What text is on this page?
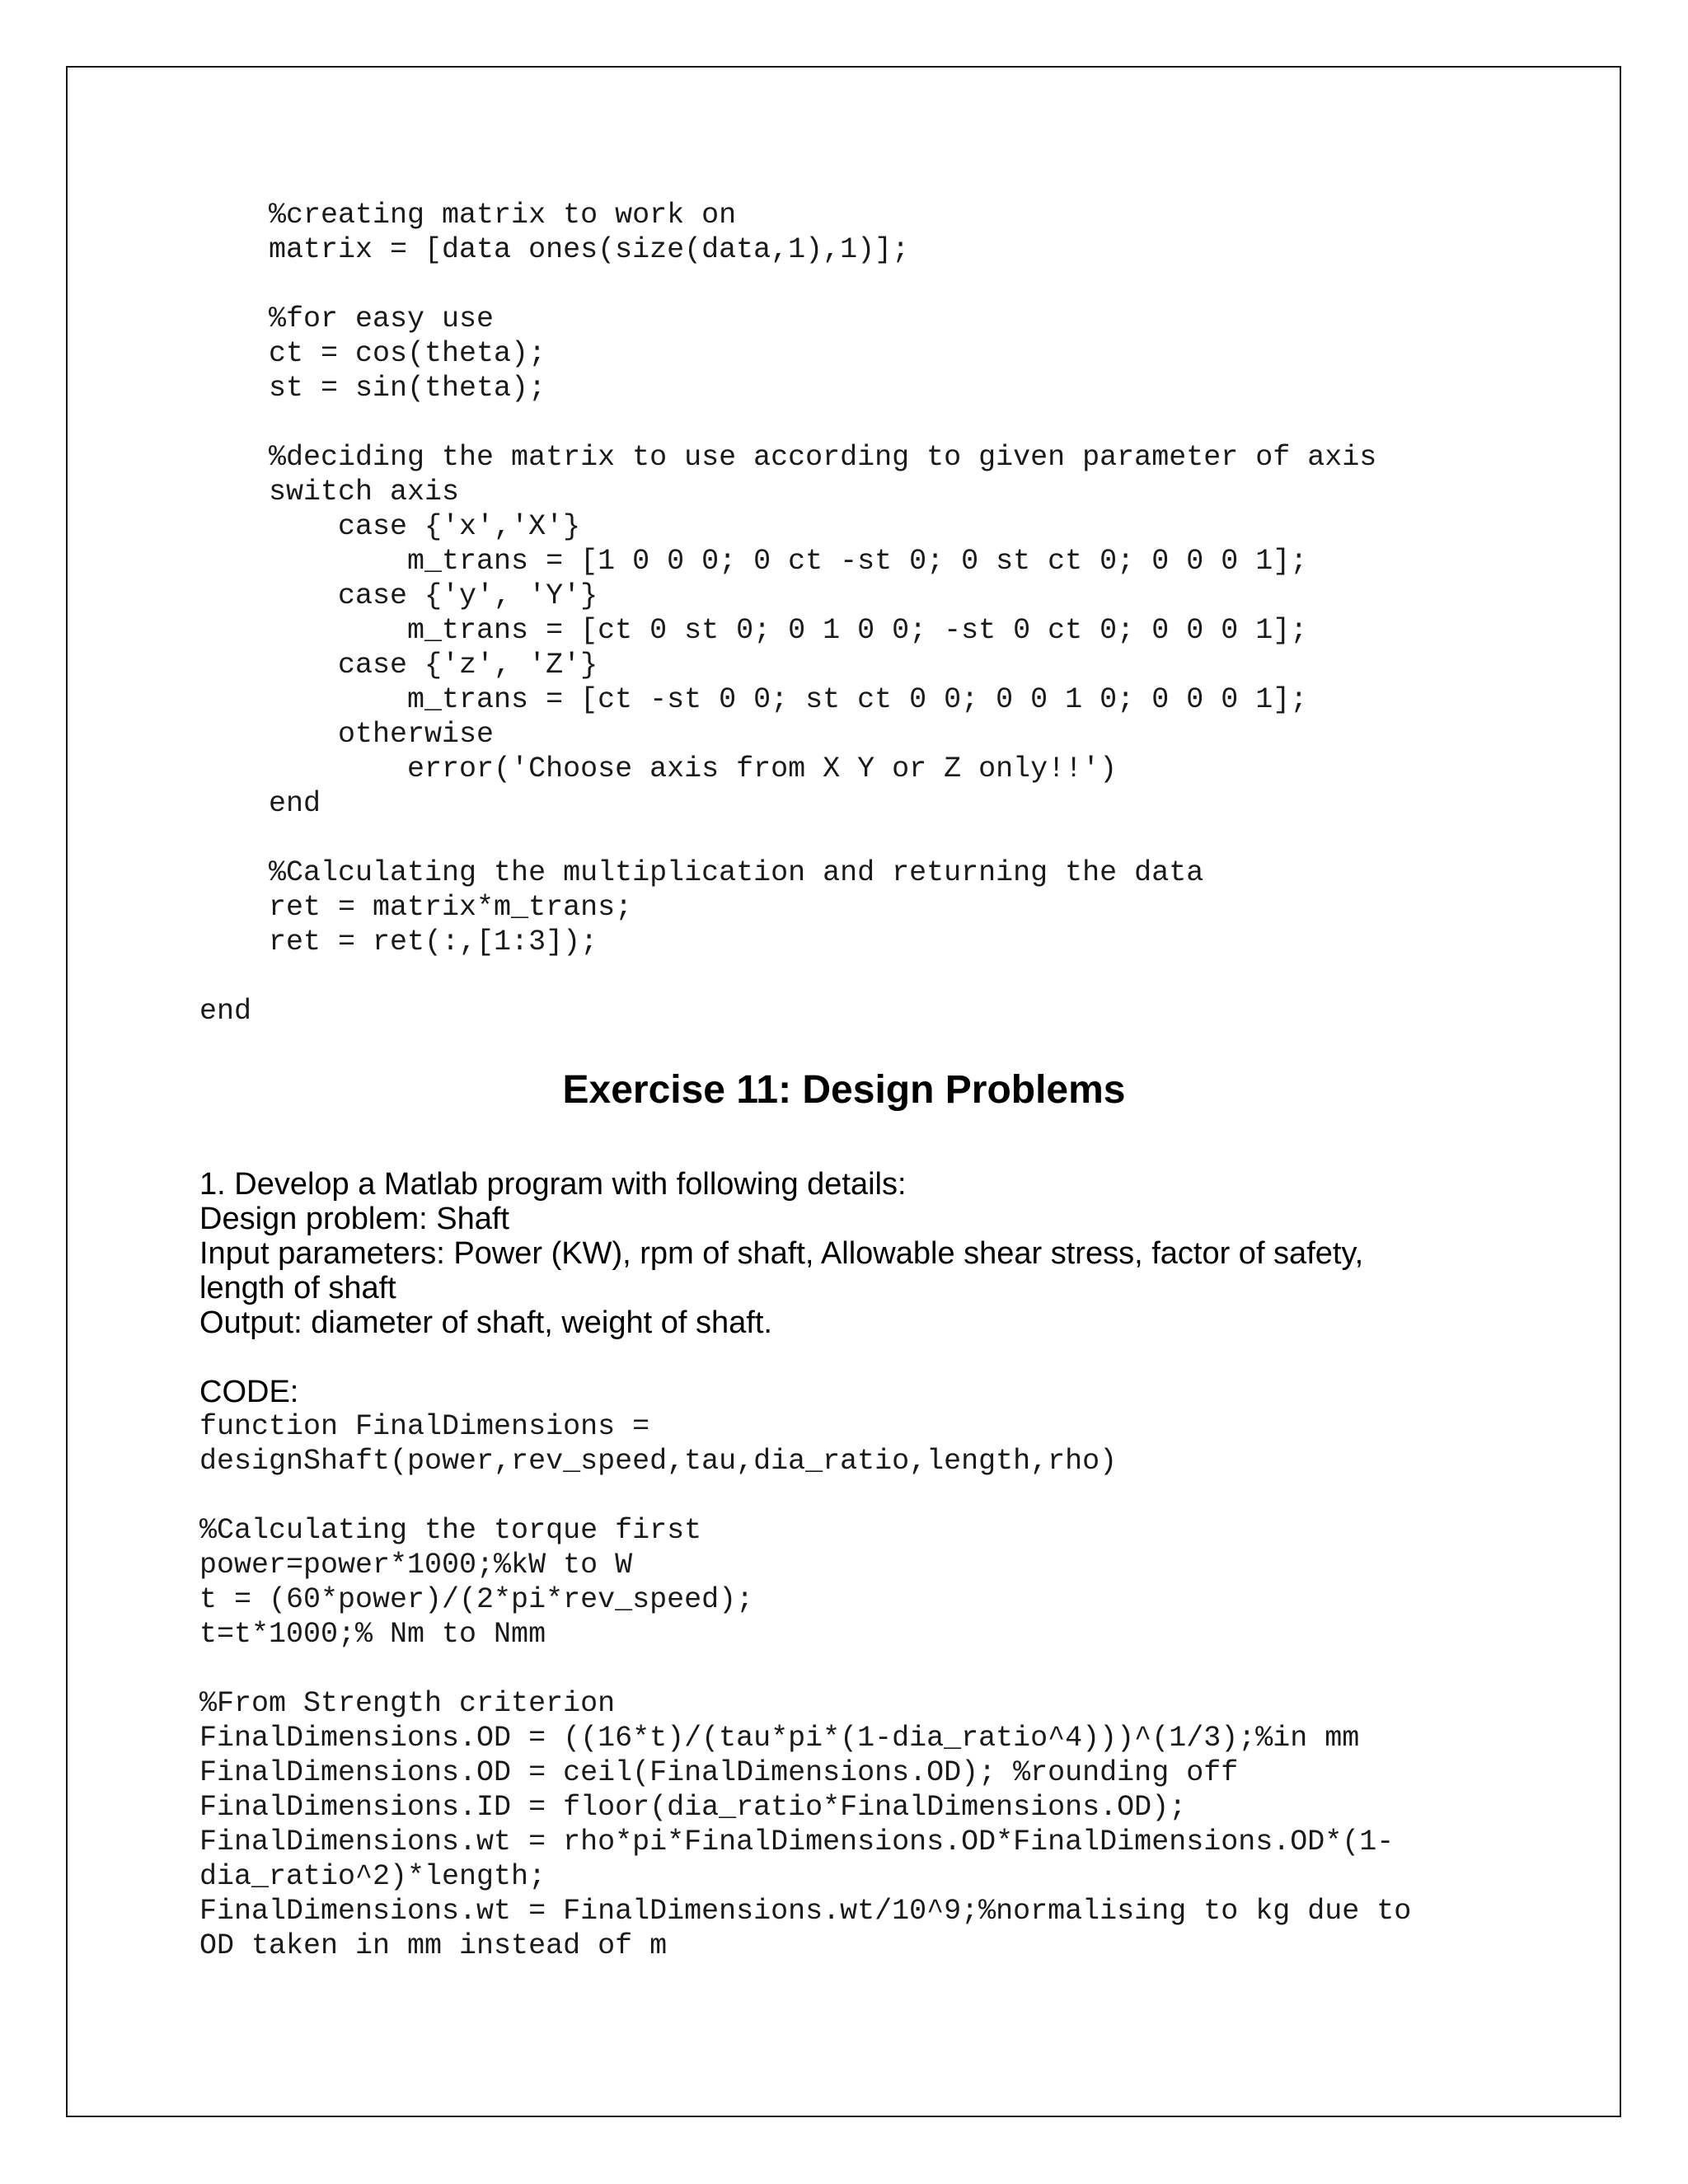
%creating matrix to work on
matrix = [data ones(size(data,1),1)];
%for easy use
ct = cos(theta);
st = sin(theta);
%deciding the matrix to use according to given parameter of axis
switch axis
case {'x','X'}
m_trans = [1 0 0 0; 0 ct -st 0; 0 st ct 0; 0 0 0 1];
case {'y', 'Y'}
m_trans = [ct 0 st 0; 0 1 0 0; -st 0 ct 0; 0 0 0 1];
case {'z', 'Z'}
m_trans = [ct -st 0 0; st ct 0 0; 0 0 1 0; 0 0 0 1];
otherwise
error('Choose axis from X Y or Z only!!')
end
%Calculating the multiplication and returning the data
ret = matrix*m_trans;
ret = ret(:,[1:3]);
end
Exercise 11: Design Problems
1. Develop a Matlab program with following details:
Design problem: Shaft
Input parameters: Power (KW), rpm of shaft, Allowable shear stress, factor of safety,
length of shaft
Output: diameter of shaft, weight of shaft.
CODE:
function FinalDimensions =
designShaft(power,rev_speed,tau,dia_ratio,length,rho)
%Calculating the torque first
power=power*1000;%kW to W
t = (60*power)/(2*pi*rev_speed);
t=t*1000;% Nm to Nmm
%From Strength criterion
FinalDimensions.OD = ((16*t)/(tau*pi*(1-dia_ratio^4)))^(1/3);%in mm
FinalDimensions.OD = ceil(FinalDimensions.OD); %rounding off
FinalDimensions.ID = floor(dia_ratio*FinalDimensions.OD);
FinalDimensions.wt = rho*pi*FinalDimensions.OD*FinalDimensions.OD*(1-
dia_ratio^2)*length;
FinalDimensions.wt = FinalDimensions.wt/10^9;%normalising to kg due to
OD taken in mm instead of m
